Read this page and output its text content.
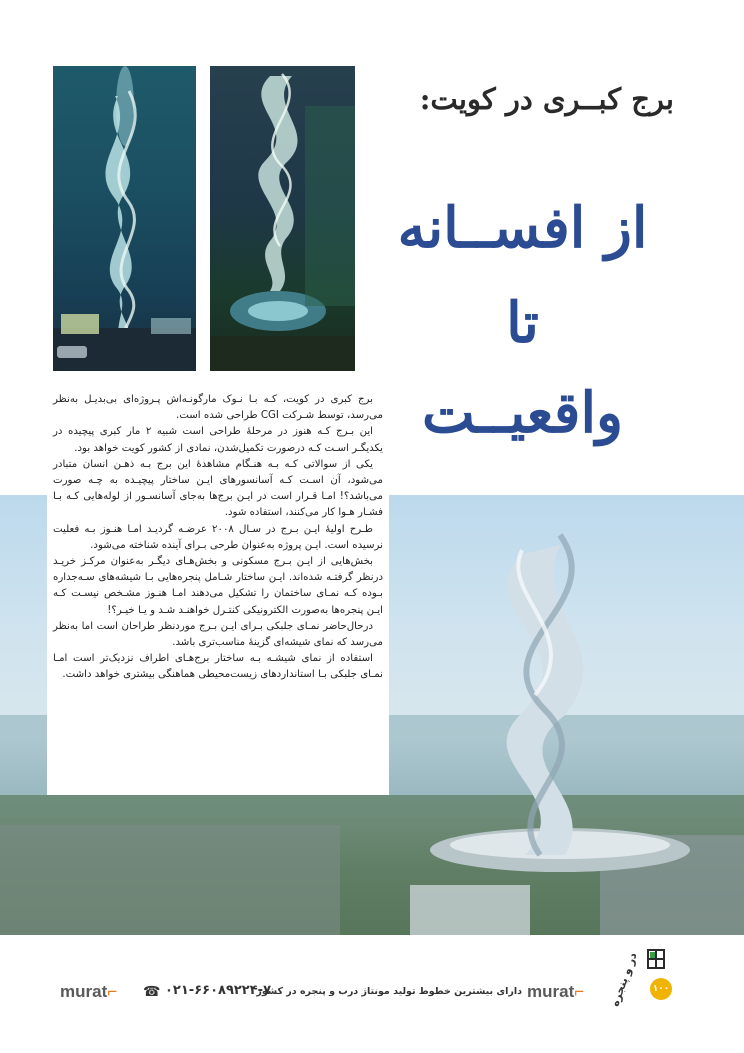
برج کبــری در کویت:
از افســانه
تا
واقعیــت

برج کبری در کویت، کـه بـا نـوک مارگونـه‌اش پـروژه‌ای بی‌بدیـل به‌نظر می‌رسد، توسط شـرکت CGI طراحی شده است.

این بـرج کـه هنوز در مرحلهٔ طراحی است شبیه ۲ مار کبری پیچیده در یکدیگـر اسـت کـه درصورت تکمیل‌شدن، نمادی از کشور کویت خواهد بود.

یکی از سوالاتی کـه بـه هنـگام مشاهدهٔ این برج بـه ذهـن انسان متبادر می‌شود، آن اسـت کـه آسانسورهای ایـن ساختار پیچیـده به چـه صورت می‌باشد؟! امـا قـرار است در ایـن برج‌ها به‌جای آسانسـور از لوله‌هایی کـه بـا فشـار هـوا کار می‌کنند، استفاده شود.

طـرح اولیهٔ ایـن بـرج در سـال ۲۰۰۸ عرضـه گردیـد امـا هنـوز بـه فعلیت نرسیده است. ایـن پروژه به‌عنوان طرحی بـرای آینده شناخته می‌شود.

بخش‌هایی از ایـن بـرج مسکونی و بخش‌هـای دیگـر به‌عنوان مرکـز خریـد درنظر گرفتـه شده‌اند. ایـن ساختار شـامل پنجره‌هایی بـا شیشه‌های سـه‌جداره بـوده کـه نمـای ساختمان را تشکیل می‌دهند امـا هنـوز مشـخص نیسـت کـه ایـن پنجره‌ها به‌صورت الکترونیکی کنتـرل خواهنـد شـد و یـا خیـر؟!

درحال‌حاضر نمـای جلبکی بـرای ایـن بـرج موردنظر طراحان است اما به‌نظر می‌رسد که نمای شیشه‌ای گزینهٔ مناسب‌تری باشد.

استفاده از نمای شیشـه بـه ساختار برج‌هـای اطراف نزدیک‌تر است امـا نمـای جلبکی بـا استانداردهای زیست‌محیطی هماهنگی بیشتری خواهد داشت.

murat⌐ ☎ ۰۲۱-۶۶۰۸۹۲۲۴-۷
دارای بیشترین خطوط تولید مونتاژ درب و پنجره در کشور murat⌐ در و پنجره	۱۰۰
